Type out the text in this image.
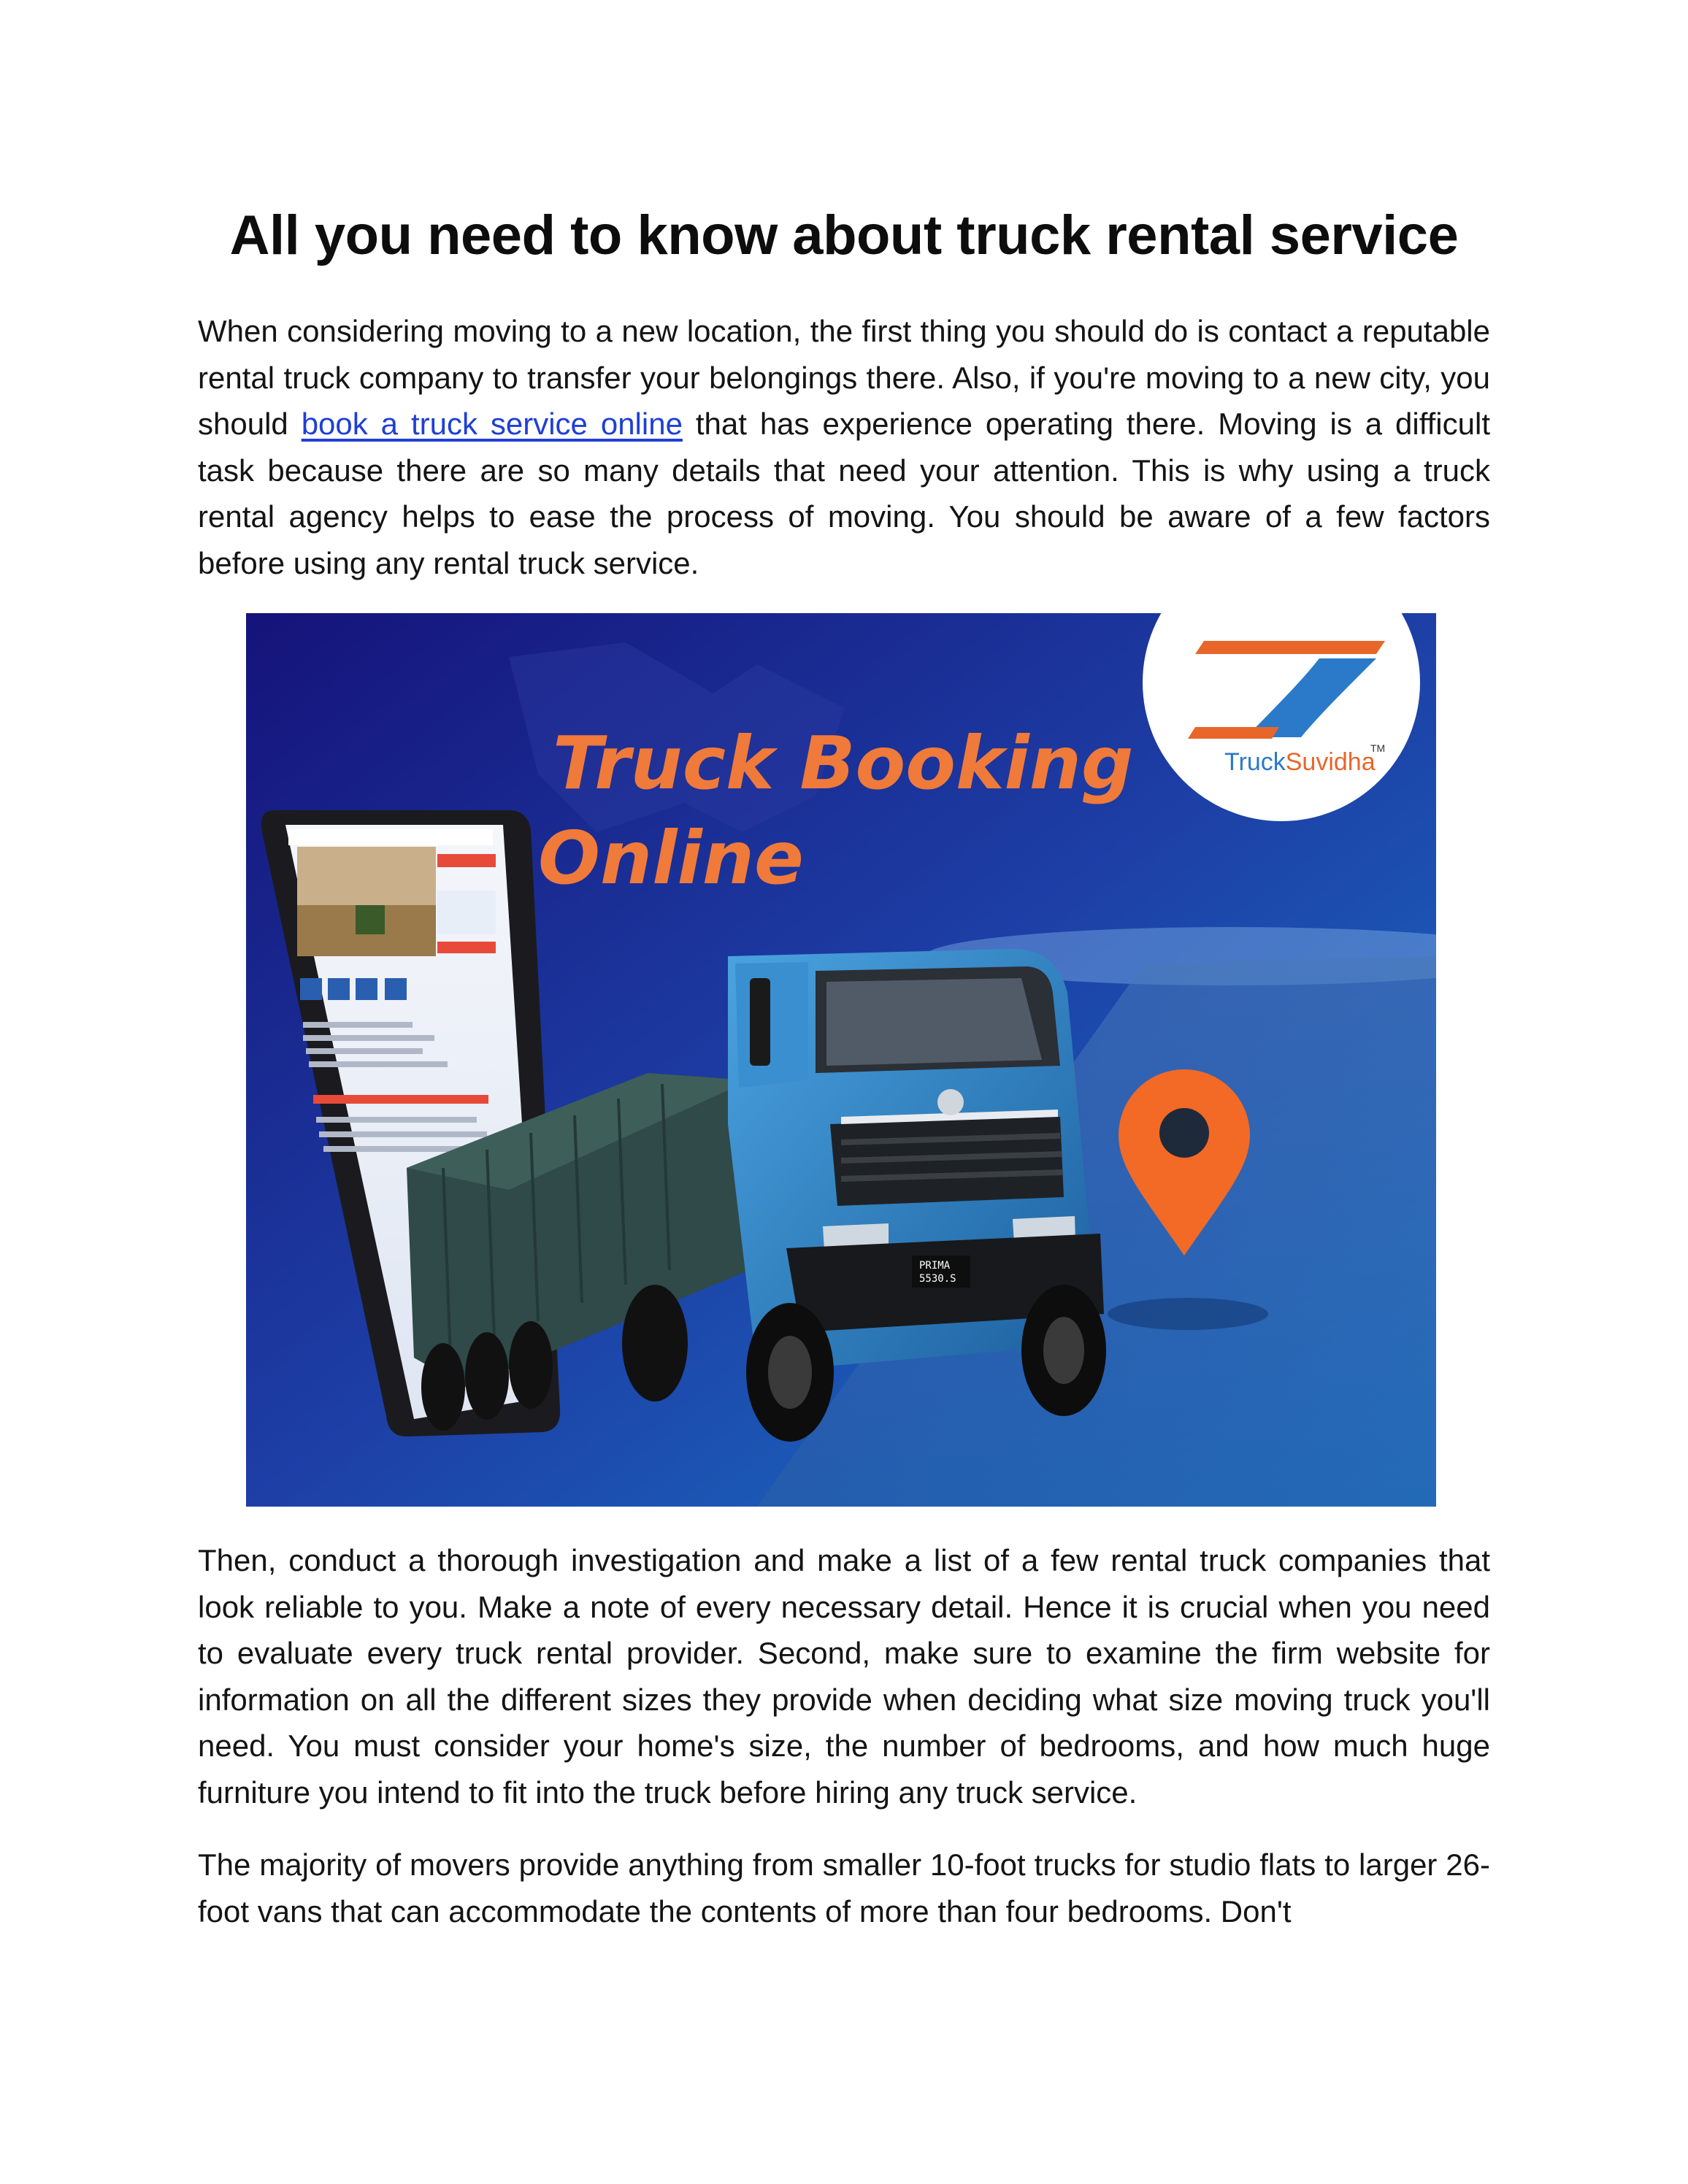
All you need to know about truck rental service

When considering moving to a new location, the first thing you should do is contact a reputable rental truck company to transfer your belongings there. Also, if you're moving to a new city, you should book a truck service online that has experience operating there. Moving is a difficult task because there are so many details that need your attention. This is why using a truck rental agency helps to ease the process of moving. You should be aware of a few factors before using any rental truck service.

TruckSuvidha
TM
Truck Booking
Online
PRIMA
5530.S

Then, conduct a thorough investigation and make a list of a few rental truck companies that look reliable to you. Make a note of every necessary detail. Hence it is crucial when you need to evaluate every truck rental provider. Second, make sure to examine the firm website for information on all the different sizes they provide when deciding what size moving truck you'll need. You must consider your home's size, the number of bedrooms, and how much huge furniture you intend to fit into the truck before hiring any truck service.

The majority of movers provide anything from smaller 10-foot trucks for studio flats to larger 26-foot vans that can accommodate the contents of more than four bedrooms. Don't
